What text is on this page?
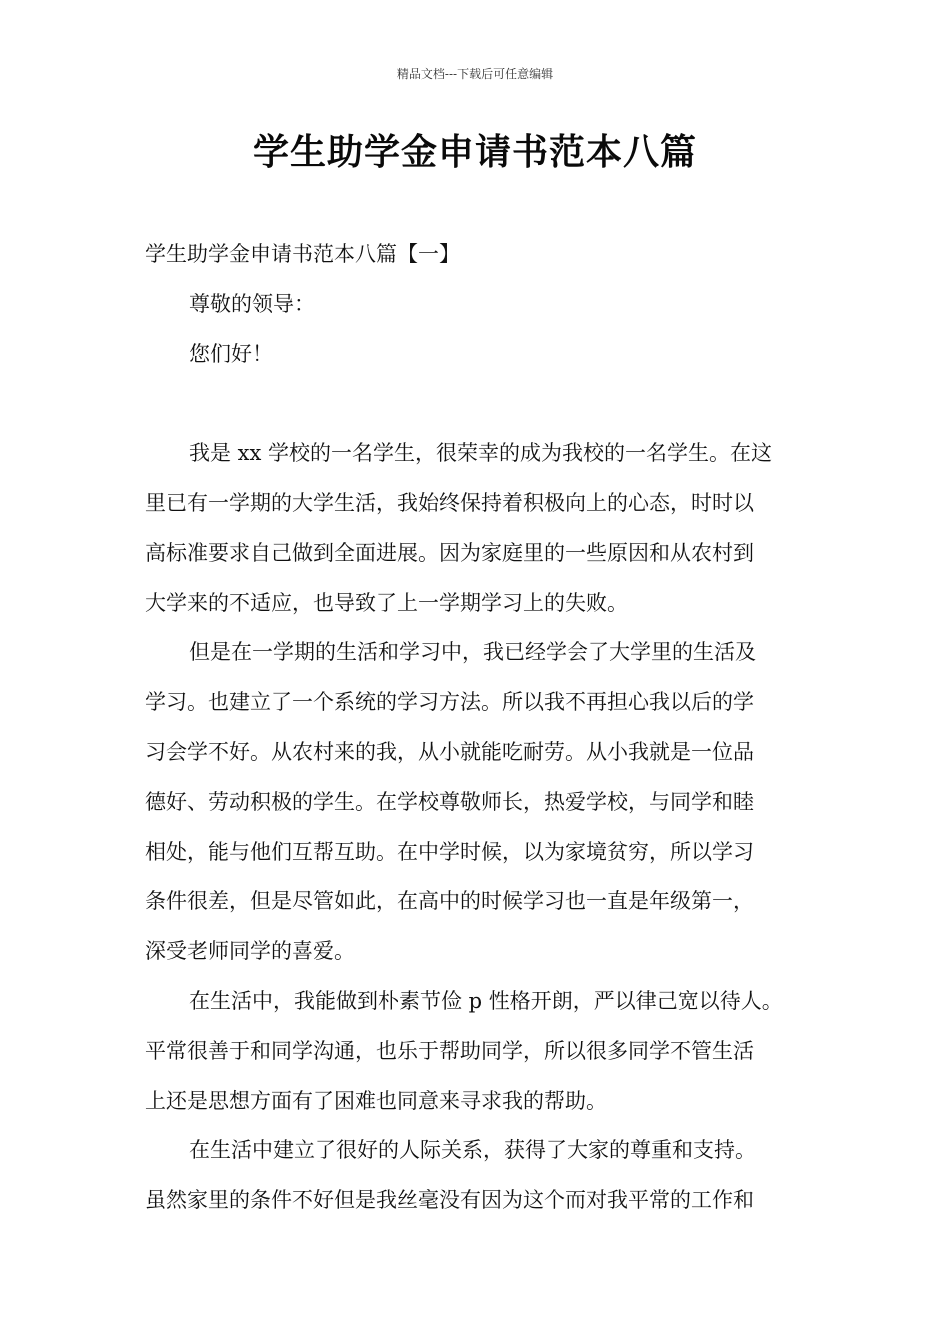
精品文档---下载后可任意编辑
学生助学金申请书范本八篇
学生助学金申请书范本八篇【一】
尊敬的领导：
您们好！
我是 xx 学校的一名学生，很荣幸的成为我校的一名学生。在这
里已有一学期的大学生活，我始终保持着积极向上的心态，时时以
高标准要求自己做到全面进展。因为家庭里的一些原因和从农村到
大学来的不适应，也导致了上一学期学习上的失败。
但是在一学期的生活和学习中，我已经学会了大学里的生活及
学习。也建立了一个系统的学习方法。所以我不再担心我以后的学
习会学不好。从农村来的我，从小就能吃耐劳。从小我就是一位品
德好、劳动积极的学生。在学校尊敬师长，热爱学校，与同学和睦
相处，能与他们互帮互助。在中学时候，以为家境贫穷，所以学习
条件很差，但是尽管如此，在高中的时候学习也一直是年级第一，
深受老师同学的喜爱。
在生活中，我能做到朴素节俭 p 性格开朗，严以律己宽以待人。
平常很善于和同学沟通，也乐于帮助同学，所以很多同学不管生活
上还是思想方面有了困难也同意来寻求我的帮助。
在生活中建立了很好的人际关系，获得了大家的尊重和支持。
虽然家里的条件不好但是我丝毫没有因为这个而对我平常的工作和
